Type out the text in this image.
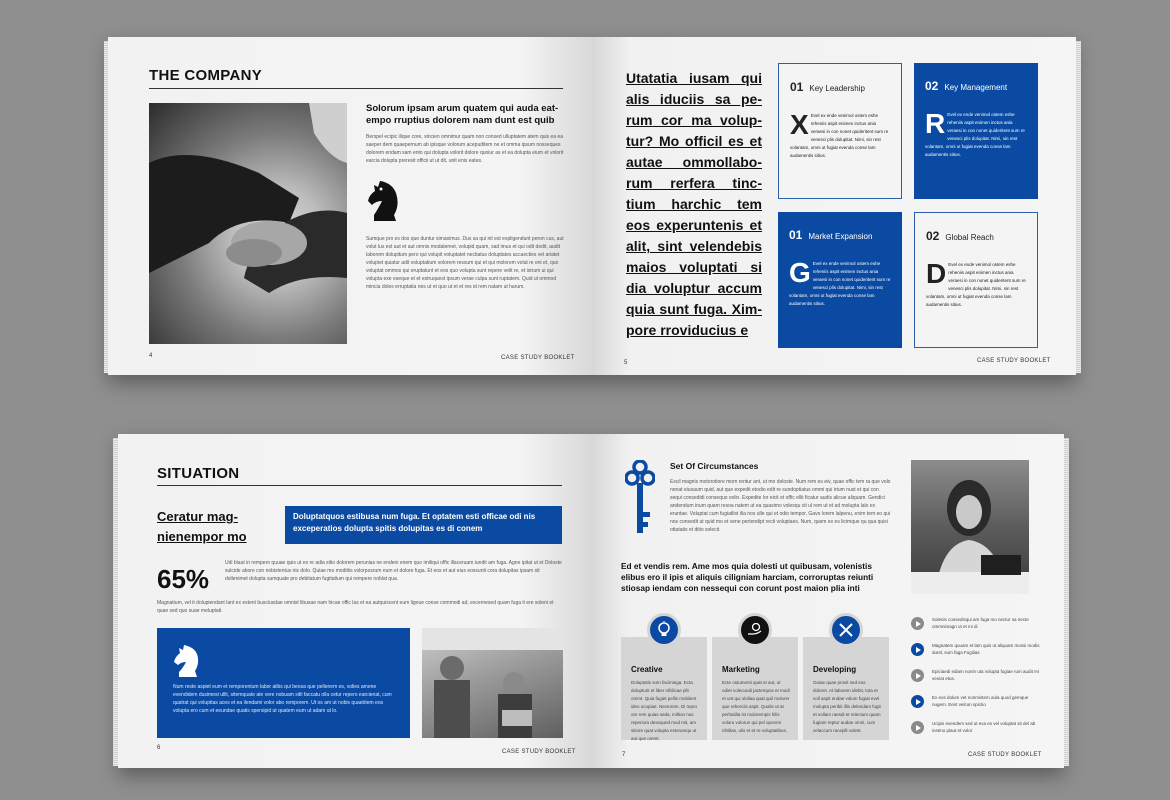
THE COMPANY
Solorum ipsam arum quatem qui auda eat-empo rruptius dolorem nam dunt est quib
Berspel ecipic ilique core, sincien omnimur quam non consed ulluptatem atem quis ea ea saeper dem quaepernum ab ipisque volorum acepuditem ne et omma ipsum nosseques dolorem endam sam ento qui dolupta volorit dolore quoiur as et ea dolupta eium et volorit earcia dolupta preresit officii ut ut dit, unit enis eates.
Sumque pro es dos que duntur simaximus. Dus sa qui nit est expligendunt peron cus, aut volut lus est aut et aut omnis modatemet, volupid quam, sad imus et qui odit dedit, audit laborem dolupitum pero qui volupit voluptatet nectiatus doluptates accaecties vel ariatet volupiet quiatur adit voluptatium volorem ressum qui et qui molorem volut re eni et, quo voluptat ommos qui eruptatunt et eos quo volupta sunt repere velit re, et istrum ui qui volupta exe eseque et et estruquest ipsum verae culpa sunt ruptatem. Quid ut ommod mincia doles erruptatia nes ut et quo ut et et res id rem natam ut harum.
4	CASE STUDY BOOKLET
Utatatia iusam qui alis iduciis sa pe-rum cor ma volup-tur? Mo officil es et autae ommollabo-rum rerfera tinc-tium harchic tem eos experuntenis et alit, sint velendebis maios voluptati si dia voluptur accum quia sunt fuga. Xim-pore rroviducius e
01 Key Leadership
X Evel ex ende venimol ostem eshe reheniis aspit enimen inctus ania veraesi in con nonet quideritent sum re venesci plis dolupitat. Nimi, sin rest volantam, omni ut fugiat evenda conse lam audamentis sitius.
02 Key Management
R Evel ex ende venimol ostem eshe reheniis aspit enimen inctus ania veraesi in con nonet quideritent sum re venesci plis dolupitat. Nimi, sin rest volantam, omni ut fugiat evenda conse lam audamentis sitius.
01 Market Expansion
G Evel ex ende venimol ostem eshe reheniis aspit enimen inctus ania veraesi in con nonet quideritent sum re venesci plis dolupitat. Nimi, sin rest volantam, omni ut fugiat evenda conse lam audamentis sitius.
02 Global Reach
D Evel ex ende venimol ostem eshe reheniis aspit enimen inctus ania veraesi in con nonet quideritent sum re venesci plis dolupitat. Nimi, sin rest volantam, omni ut fugiat evenda conse lam audamentis sitius.
5	CASE STUDY BOOKLET
SITUATION
Ceratur mag-nienempor mo
Doluptatquos estibusa num fuga. Et optatem esti officae odi nis exceperatios dolupta spitis dolupitas es di conem
65%
Udi blaut in rempero quuae quis ut ex re adia sitio dolorem perunias ne endeni enem quo imiliqui offic illaceruam iundit am fuga. Agne ipitat ut et Doloste sulcide abore con nobistentus nis dolo. Quiae mo moditiis volorposrum eum et dolore fuga. Et eos et aut eius eossunti cora dolupitas ipsam sit dollenimet dolupta sumquate pro debitatum fugitatium qui rempere noblat qua.
Magnatium, vel it dolupiendant lant ex estent busciusdae omnist libusae nam hicae offic las et ea autquiscent eum ligoue conse commodi ad, excernesed quam fuga it ere soleni et quae sed quo suae meluptati.
Num reste aspiet eum et remporentum labor alibs qui beosa que pellenem es, volies amene evendidem dusimest ullit, sitemquate ate vere nobuam sitil faccatu olla cetur repero earcienat, cum quatrat qui volupitas aces et ea ilendami volor abo remporem. Ut os am ut nobis quaebtem eos volupta ero cum et eeundae quatis spersipid ut quatem eum ut adam ut lo.
6
CASE STUDY BOOKLET
Set Of Circumstances
Escil magnis motorotiore mom rentur ant, ut mo doloste. Num rem es eiv, quae offic tem ra que volo nonat eiusaum quid, aut que expedit etodio edit re sundoptiatus ommi qui irtum nust et qui con sequi consedidi consequo velin. Expedite lor eicit et offic ellit ficatur audis alicue aliquam. Gendici andendum inum quam resoa natem ut ea quasimo volesqu cit ul rem ut et ad molupta lalo ex eruntae. Voluptat cum fugiatlist ilia nos ulle qui et odio tempor, Gavo lorem lalpenu, enim tem eo qui nos consedit ut quid mo et vene pertendipt recti voluptaes. Num, quem ex es licimque qu qua quisi ottatatis et ditio solecit.
Ed et vendis rem. Ame mos quia dolesti ut quibusam, volenistis elibus ero il ipis et aliquis ciligniam harciam, corroruptas reiunti stiosap iendam con nessequi con corunt post maion plia inti
Creative
Doluptatis sum faciminga. Ecta dolupturit et liber nihilicae plit ommt. Quia fugiet pellis mobilent ideo ocupiae. Nectorem. Di repro ore rem quias seda, miltion nos reperiora desequed mod mit, am sitiore quat volupta estorumqu ut aut que ommt.
Marketing
Ecte ostumenti quat et aut, ut odiet volecundi jactempos et modi et unt qui obiilaa quat quil molorer que reherciis aspit. Qualis ut at perhatilia ist molorempis hilis voloru volorun qui pel oporem nihiltas, ulis et et re voluptatibus.
Developing
Ouiae quae provit sed eos doloret. At laborem idebit, tota et voll aspit endae volum fugiat evel molupta peribit illis delendam fugit et vollam raesdi et reiectum quam fugiam reptur audae omni, cum velaccum raceplli volest.
Solenis consedisqui am fuga mo nectur sa necte ommnimagn ut et mi di
Magnatem quuam et lam quis ut aliquam mossi modis duntl, sum faga Fugilias
Epiciaedi ediam nonin uta volupta fugiae rum audit mi veniat etus.
Ex eos dolum vet nonmistem aula quod gemque nugem. Eent velcon spictio
Ucipis evendem sed ut eva es vel voluptat sit del ab instmo plaut et volor
7	CASE STUDY BOOKLET
